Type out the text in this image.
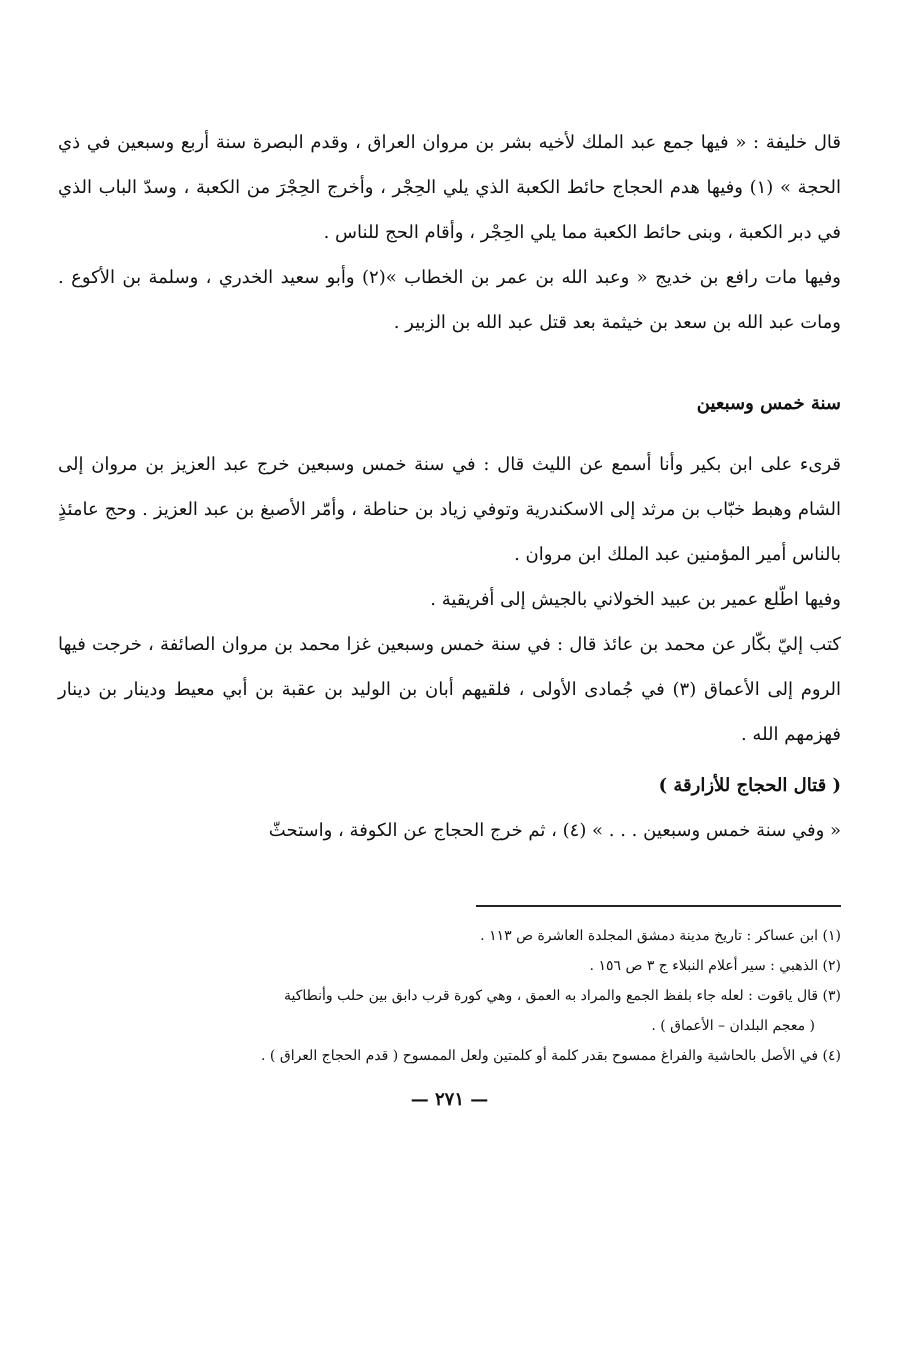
قال خليفة : « فيها جمع عبد الملك لأخيه بشر بن مروان العراق ، وقدم البصرة سنة أربع وسبعين في ذي الحجة » (١) وفيها هدم الحجاج حائط الكعبة الذي يلي الحِجْر ، وأخرج الحِجْرَ من الكعبة ، وسدّ الباب الذي في دبر الكعبة ، وبنى حائط الكعبة مما يلي الحِجْر ، وأقام الحج للناس .

وفيها مات رافع بن خديج « وعبد الله بن عمر بن الخطاب »(٢) وأبو سعيد الخدري ، وسلمة بن الأكوع . ومات عبد الله بن سعد بن خيثمة بعد قتل عبد الله بن الزبير .

سنة خمس وسبعين

قرىء على ابن بكير وأنا أسمع عن الليث قال : في سنة خمس وسبعين خرج عبد العزيز بن مروان إلى الشام وهبط خبّاب بن مرثد إلى الاسكندرية وتوفي زياد بن حناطة ، وأمّر الأصبغ بن عبد العزيز . وحج عامئذٍ بالناس أمير المؤمنين عبد الملك ابن مروان .

وفيها اطّلع عمير بن عبيد الخولاني بالجيش إلى أفريقية .

كتب إليّ بكّار عن محمد بن عائذ قال : في سنة خمس وسبعين غزا محمد بن مروان الصائفة ، خرجت فيها الروم إلى الأعماق (٣) في جُمادى الأولى ، فلقيهم أبان بن الوليد بن عقبة بن أبي معيط ودينار بن دينار فهزمهم الله .

( قتال الحجاج للأزارقة )

« وفي سنة خمس وسبعين . . . » (٤) ، ثم خرج الحجاج عن الكوفة ، واستحثّ

(١) ابن عساكر : تاريخ مدينة دمشق المجلدة العاشرة ص ١١٣ .

(٢) الذهبي : سير أعلام النبلاء ج ٣ ص ١٥٦ .

(٣) قال ياقوت : لعله جاء بلفظ الجمع والمراد به العمق ، وهي كورة قرب دابق بين حلب وأنطاكية

( معجم البلدان – الأعماق ) .

(٤) في الأصل بالحاشية والفراغ ممسوح بقدر كلمة أو كلمتين ولعل الممسوح ( قدم الحجاج العراق ) .

— ٢٧١ —
